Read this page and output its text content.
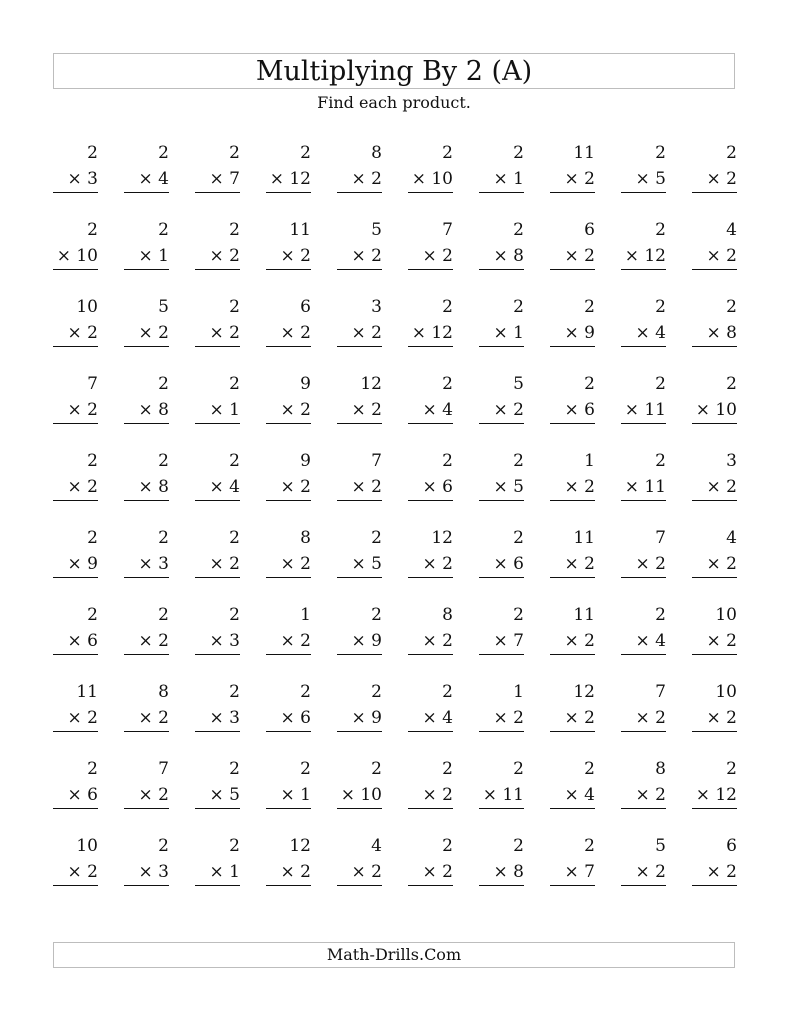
Multiplying By 2 (A)
Find each product.
2
× 3
2
× 4
2
× 7
2
× 12
8
× 2
2
× 10
2
× 1
11
× 2
2
× 5
2
× 2
2
× 10
2
× 1
2
× 2
11
× 2
5
× 2
7
× 2
2
× 8
6
× 2
2
× 12
4
× 2
10
× 2
5
× 2
2
× 2
6
× 2
3
× 2
2
× 12
2
× 1
2
× 9
2
× 4
2
× 8
7
× 2
2
× 8
2
× 1
9
× 2
12
× 2
2
× 4
5
× 2
2
× 6
2
× 11
2
× 10
2
× 2
2
× 8
2
× 4
9
× 2
7
× 2
2
× 6
2
× 5
1
× 2
2
× 11
3
× 2
2
× 9
2
× 3
2
× 2
8
× 2
2
× 5
12
× 2
2
× 6
11
× 2
7
× 2
4
× 2
2
× 6
2
× 2
2
× 3
1
× 2
2
× 9
8
× 2
2
× 7
11
× 2
2
× 4
10
× 2
11
× 2
8
× 2
2
× 3
2
× 6
2
× 9
2
× 4
1
× 2
12
× 2
7
× 2
10
× 2
2
× 6
7
× 2
2
× 5
2
× 1
2
× 10
2
× 2
2
× 11
2
× 4
8
× 2
2
× 12
10
× 2
2
× 3
2
× 1
12
× 2
4
× 2
2
× 2
2
× 8
2
× 7
5
× 2
6
× 2
Math-Drills.Com
